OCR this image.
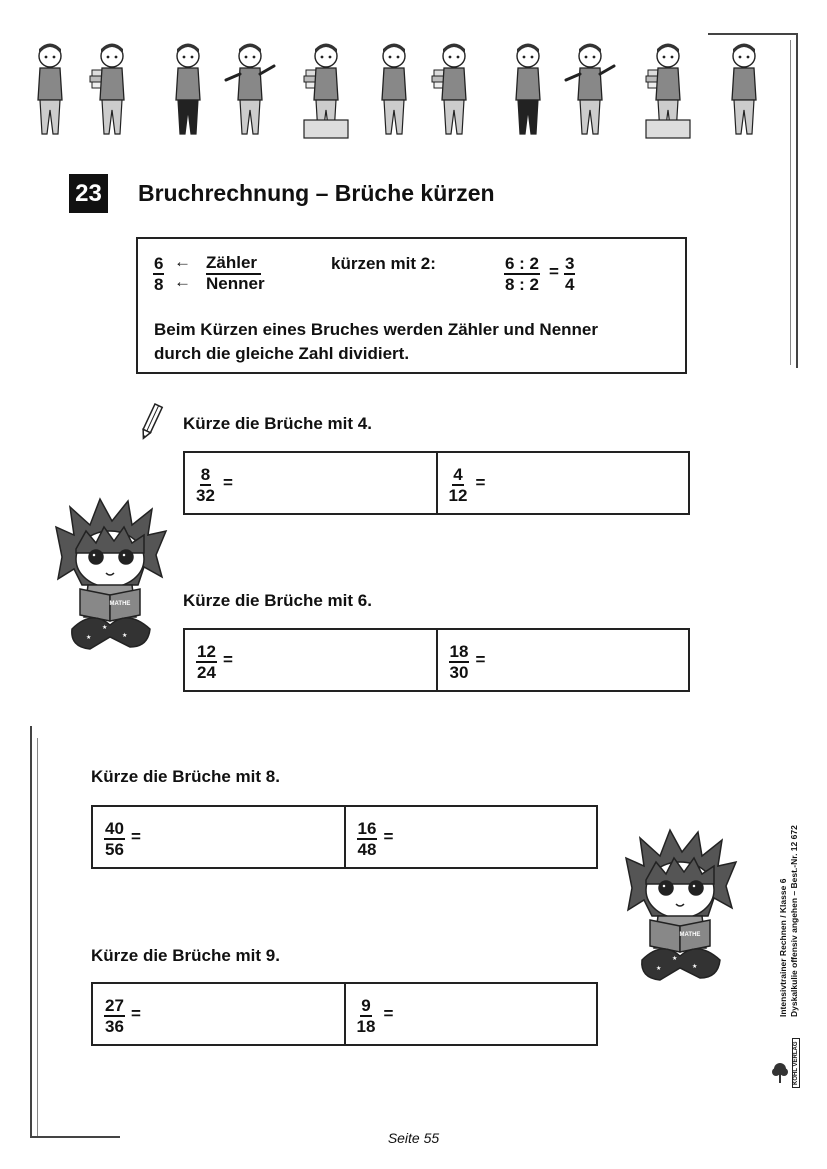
23 Bruchrechnung – Brüche kürzen
$\frac{6}{8}$ ←
←
Zähler
Nenner
kürzen mit 2:	$\frac{6 : 2}{8 : 2} = \frac{3}{4}$
Beim Kürzen eines Bruches werden Zähler und Nenner
durch die gleiche Zahl dividiert.
Kürze die Brüche mit 4.
$\frac{8}{32}$ =	$\frac{4}{12}$ =
Kürze die Brüche mit 6.
$\frac{12}{24}$ =	$\frac{18}{30}$ =
Kürze die Brüche mit 8.
$\frac{40}{56}$ =	$\frac{16}{48}$ =
Kürze die Brüche mit 9.
$\frac{27}{36}$ =	$\frac{9}{18}$ =
★
★	★
MATHE
★
★	★
MATHE	Intensivtrainer Rechnen / Klasse 6 Dyskalkulie offensiv angehen – Best.-Nr. 12 672
KOHL VERLAG
Seite 55
